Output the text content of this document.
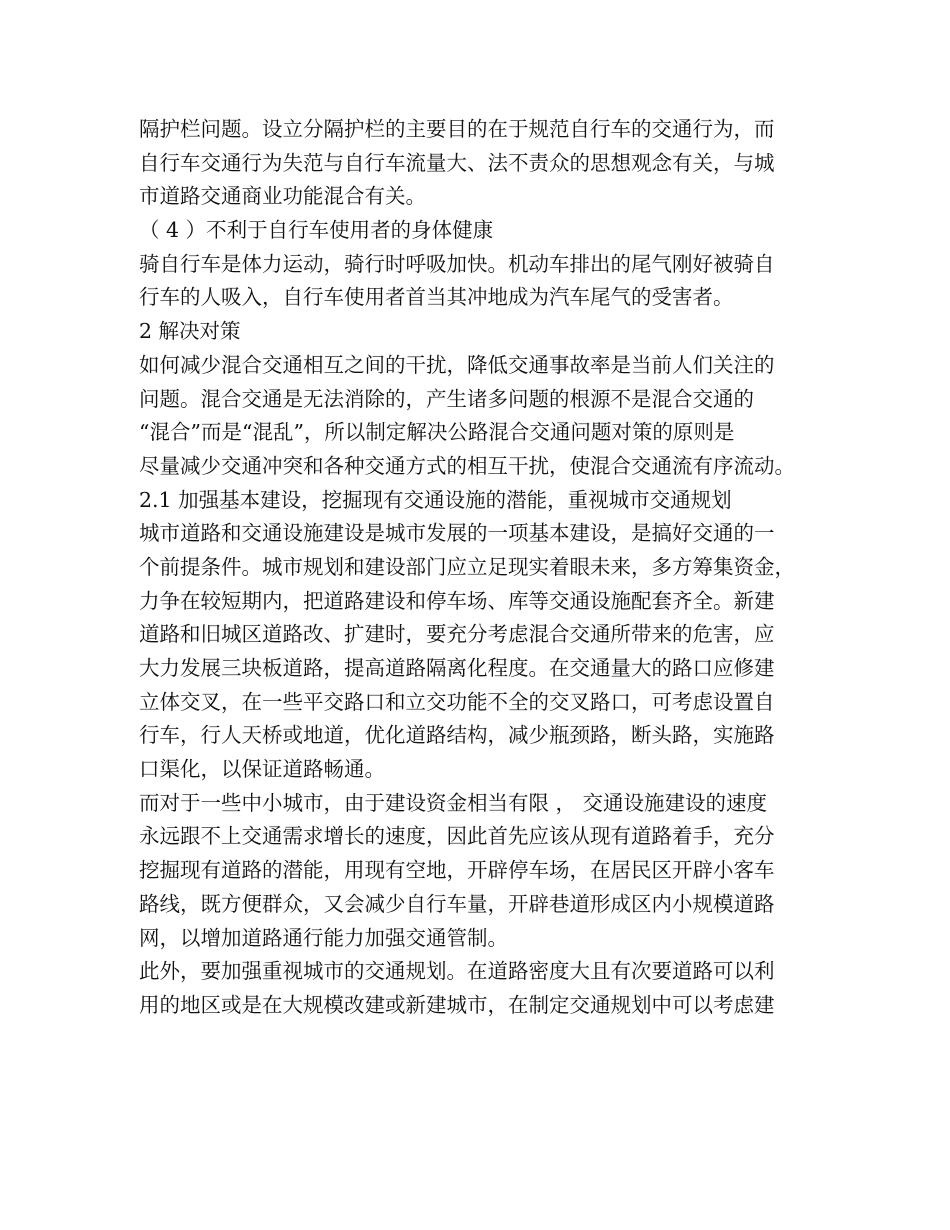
隔护栏问题。设立分隔护栏的主要目的在于规范自行车的交通行为，而
自行车交通行为失范与自行车流量大、法不责众的思想观念有关，与城
市道路交通商业功能混合有关。
（ 4 ）不利于自行车使用者的身体健康
骑自行车是体力运动，骑行时呼吸加快。机动车排出的尾气刚好被骑自
行车的人吸入，自行车使用者首当其冲地成为汽车尾气的受害者。
2 解决对策
如何减少混合交通相互之间的干扰，降低交通事故率是当前人们关注的
问题。混合交通是无法消除的，产生诸多问题的根源不是混合交通的
“混合”而是“混乱”，所以制定解决公路混合交通问题对策的原则是
尽量减少交通冲突和各种交通方式的相互干扰，使混合交通流有序流动。
2.1 加强基本建设，挖掘现有交通设施的潜能，重视城市交通规划
城市道路和交通设施建设是城市发展的一项基本建设，是搞好交通的一
个前提条件。城市规划和建设部门应立足现实着眼未来，多方筹集资金，
力争在较短期内，把道路建设和停车场、库等交通设施配套齐全。新建
道路和旧城区道路改、扩建时，要充分考虑混合交通所带来的危害，应
大力发展三块板道路，提高道路隔离化程度。在交通量大的路口应修建
立体交叉，在一些平交路口和立交功能不全的交叉路口，可考虑设置自
行车，行人天桥或地道，优化道路结构，减少瓶颈路，断头路，实施路
口渠化，以保证道路畅通。
而对于一些中小城市，由于建设资金相当有限 ， 交通设施建设的速度
永远跟不上交通需求增长的速度，因此首先应该从现有道路着手，充分
挖掘现有道路的潜能，用现有空地，开辟停车场，在居民区开辟小客车
路线，既方便群众，又会减少自行车量，开辟巷道形成区内小规模道路
网，以增加道路通行能力加强交通管制。
此外，要加强重视城市的交通规划。在道路密度大且有次要道路可以利
用的地区或是在大规模改建或新建城市，在制定交通规划中可以考虑建
